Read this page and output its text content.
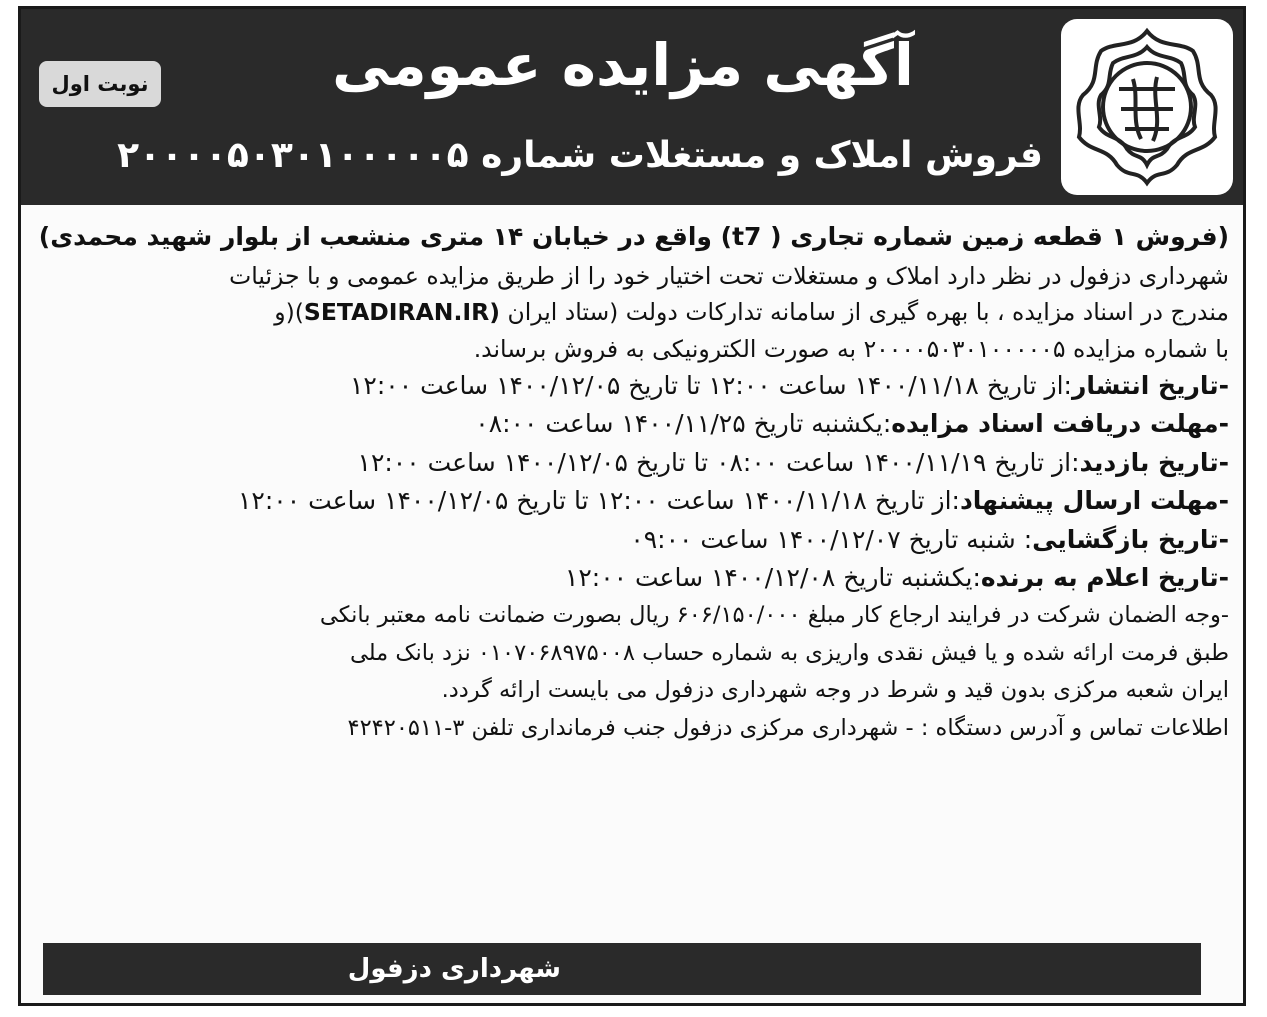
آگهی مزایده عمومی
فروش املاک و مستغلات شماره ۲۰۰۰۰۵۰۳۰۱۰۰۰۰۰۵
نوبت اول
(فروش ۱ قطعه زمین شماره تجاری ( t7) واقع در خیابان ۱۴ متری منشعب از بلوار شهید محمدی)
شهرداری دزفول در نظر دارد املاک و مستغلات تحت اختیار خود را از طریق مزایده عمومی و با جزئیات
مندرج در اسناد مزایده ، با بهره گیری از سامانه تدارکات دولت (ستاد ایران (SETADIRAN.IR)(و
با شماره مزایده ۲۰۰۰۰۵۰۳۰۱۰۰۰۰۰۵ به صورت الکترونیکی به فروش برساند.
-تاریخ انتشار:از تاریخ ۱۴۰۰/۱۱/۱۸ ساعت ۱۲:۰۰ تا تاریخ ۱۴۰۰/۱۲/۰۵ ساعت ۱۲:۰۰
-مهلت دریافت اسناد مزایده:یکشنبه تاریخ ۱۴۰۰/۱۱/۲۵ ساعت ۰۸:۰۰
-تاریخ بازدید:از تاریخ ۱۴۰۰/۱۱/۱۹ ساعت ۰۸:۰۰ تا تاریخ ۱۴۰۰/۱۲/۰۵ ساعت ۱۲:۰۰
-مهلت ارسال پیشنهاد:از تاریخ ۱۴۰۰/۱۱/۱۸ ساعت ۱۲:۰۰ تا تاریخ ۱۴۰۰/۱۲/۰۵ ساعت ۱۲:۰۰
-تاریخ بازگشایی: شنبه تاریخ ۱۴۰۰/۱۲/۰۷ ساعت ۰۹:۰۰
-تاریخ اعلام به برنده:یکشنبه تاریخ ۱۴۰۰/۱۲/۰۸ ساعت ۱۲:۰۰
-وجه الضمان شرکت در فرایند ارجاع کار مبلغ ۶۰۶/۱۵۰/۰۰۰ ریال بصورت ضمانت نامه معتبر بانکی
طبق فرمت ارائه شده و یا فیش نقدی واریزی به شماره حساب ۰۱۰۷۰۶۸۹۷۵۰۰۸ نزد بانک ملی
ایران شعبه مرکزی بدون قید و شرط در وجه شهرداری دزفول می بایست ارائه گردد.
اطلاعات تماس و آدرس دستگاه : - شهرداری مرکزی دزفول جنب فرمانداری تلفن ۳-۴۲۴۲۰۵۱۱
شهرداری دزفول
